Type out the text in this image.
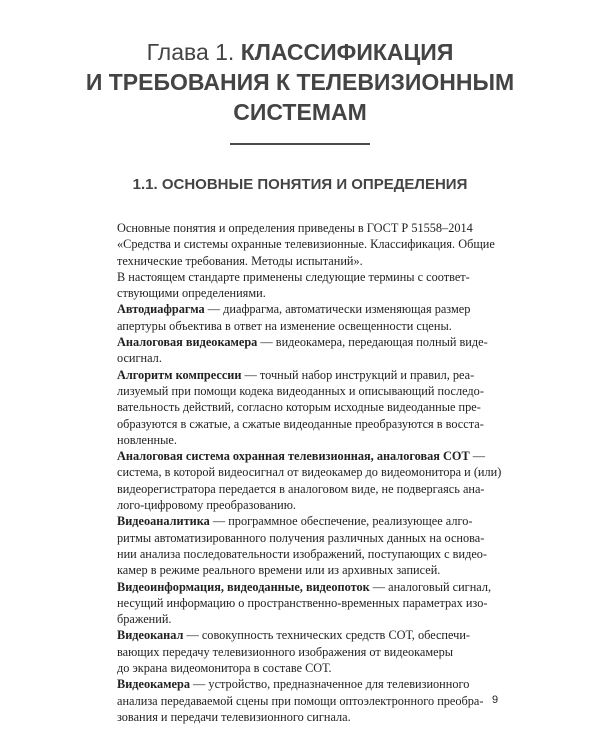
Глава 1. КЛАССИФИКАЦИЯ
И ТРЕБОВАНИЯ К ТЕЛЕВИЗИОННЫМ
СИСТЕМАМ
1.1. ОСНОВНЫЕ ПОНЯТИЯ И ОПРЕДЕЛЕНИЯ

Основные понятия и определения приведены в ГОСТ Р 51558–2014
«Средства и системы охранные телевизионные. Классификация. Общие
технические требования. Методы испытаний».

В настоящем стандарте применены следующие термины с соответ-
ствующими определениями.

Автодиафрагма — диафрагма, автоматически изменяющая размер
апертуры объектива в ответ на изменение освещенности сцены.

Аналоговая видеокамера — видеокамера, передающая полный виде-
осигнал.

Алгоритм компрессии — точный набор инструкций и правил, реа-
лизуемый при помощи кодека видеоданных и описывающий последо-
вательность действий, согласно которым исходные видеоданные пре-
образуются в сжатые, а сжатые видеоданные преобразуются в восста-
новленные.

Аналоговая система охранная телевизионная, аналоговая СОТ —
система, в которой видеосигнал от видеокамер до видеомонитора и (или)
видеорегистратора передается в аналоговом виде, не подвергаясь ана-
лого-цифровому преобразованию.

Видеоаналитика — программное обеспечение, реализующее алго-
ритмы автоматизированного получения различных данных на основа-
нии анализа последовательности изображений, поступающих с видео-
камер в режиме реального времени или из архивных записей.

Видеоинформация, видеоданные, видеопоток — аналоговый сигнал,
несущий информацию о пространственно-временных параметрах изо-
бражений.

Видеоканал — совокупность технических средств СОТ, обеспечи-
вающих передачу телевизионного изображения от видеокамеры
до экрана видеомонитора в составе СОТ.

Видеокамера — устройство, предназначенное для телевизионного
анализа передаваемой сцены при помощи оптоэлектронного преобра-
зования и передачи телевизионного сигнала.

9
